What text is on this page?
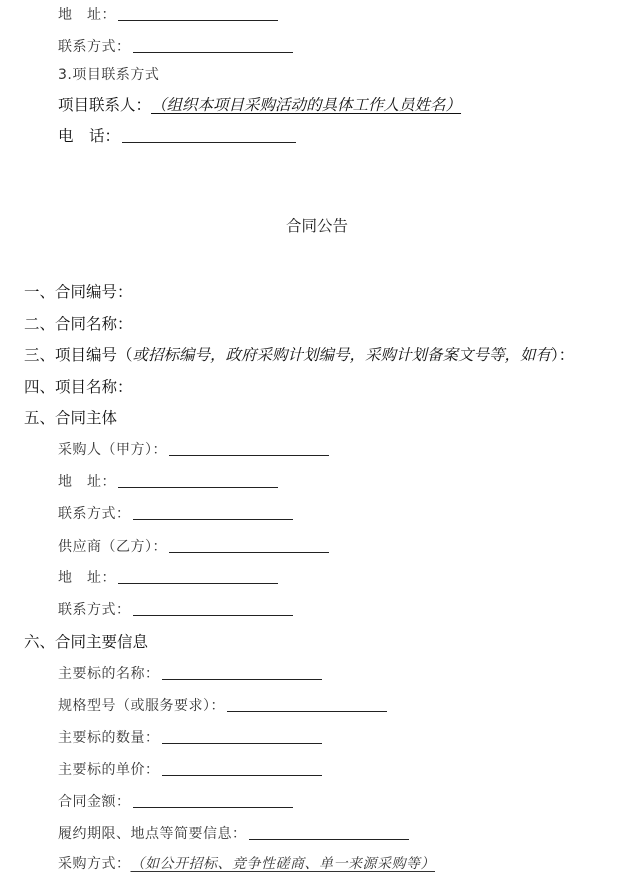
地　址：
联系方式：
3.项目联系方式
项目联系人： （组织本项目采购活动的具体工作人员姓名）
电　话：
合同公告
一、合同编号：
二、合同名称：
三、项目编号（ 或招标编号，政府采购计划编号，采购计划备案文号等，如有 ）：
四、项目名称：
五、合同主体
采购人（甲方）：
地　址：
联系方式：
供应商（乙方）：
地　址：
联系方式：
六、合同主要信息
主要标的名称：
规格型号（或服务要求）：
主要标的数量：
主要标的单价：
合同金额：
履约期限、地点等简要信息：
采购方式： （如公开招标、竞争性磋商、单一来源采购等）
